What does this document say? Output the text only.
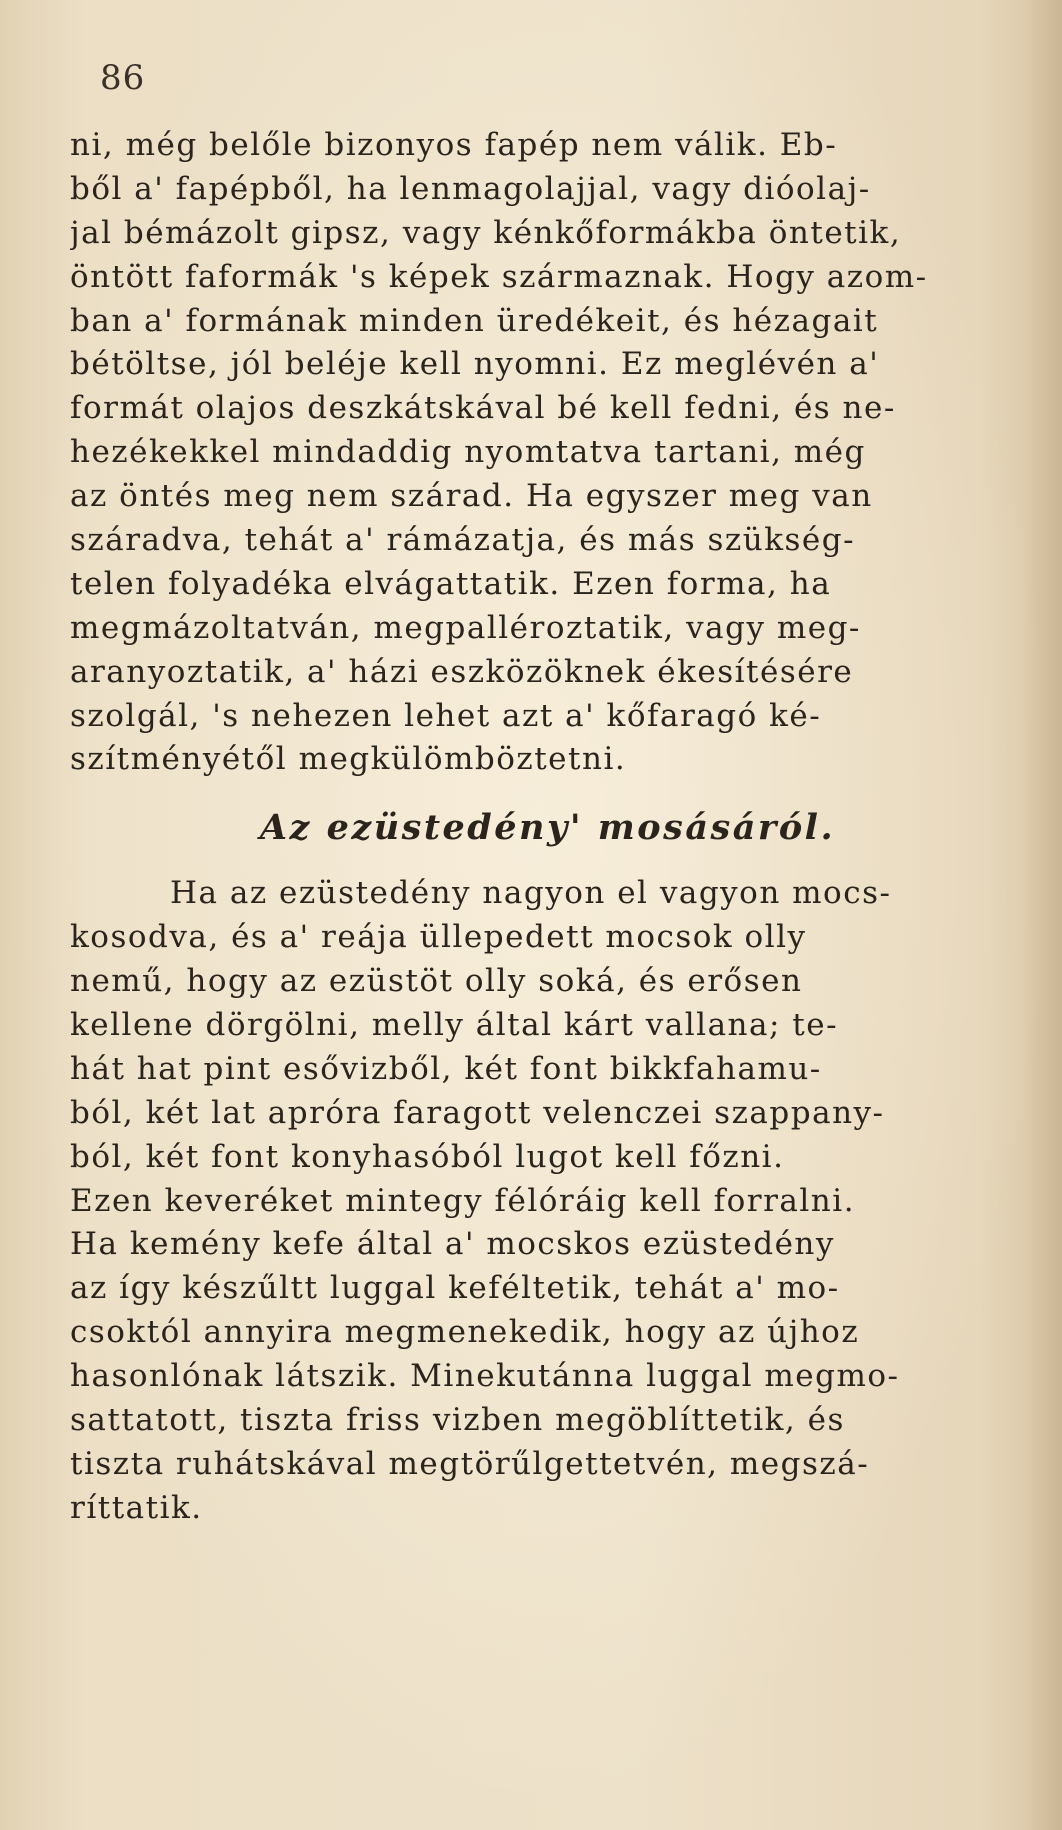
86
ni, még belőle bizonyos fapép nem válik. Eb-
ből a' fapépből, ha lenmagolajjal, vagy dióolaj-
jal bémázolt gipsz, vagy kénkőformákba öntetik,
öntött faformák 's képek származnak. Hogy azom-
ban a' formának minden üredékeit, és hézagait
bétöltse, jól beléje kell nyomni. Ez meglévén a'
formát olajos deszkátskával bé kell fedni, és ne-
hezékekkel mindaddig nyomtatva tartani, még
az öntés meg nem szárad. Ha egyszer meg van
száradva, tehát a' rámázatja, és más szükség-
telen folyadéka elvágattatik. Ezen forma, ha
megmázoltatván, megpalléroztatik, vagy meg-
aranyoztatik, a' házi eszközöknek ékesítésére
szolgál, 's nehezen lehet azt a' kőfaragó ké-
szítményétől megkülömböztetni.
Az ezüstedény' mosásáról.
Ha az ezüstedény nagyon el vagyon mocs-
kosodva, és a' reája üllepedett mocsok olly
nemű, hogy az ezüstöt olly soká, és erősen
kellene dörgölni, melly által kárt vallana; te-
hát hat pint esővizből, két font bikkfahamu-
ból, két lat apróra faragott velenczei szappany-
ból, két font konyhasóból lugot kell főzni.
Ezen keveréket mintegy félóráig kell forralni.
Ha kemény kefe által a' mocskos ezüstedény
az így készűltt luggal keféltetik, tehát a' mo-
csoktól annyira megmenekedik, hogy az újhoz
hasonlónak látszik. Minekutánna luggal megmo-
sattatott, tiszta friss vizben megöblíttetik, és
tiszta ruhátskával megtörűlgettetvén, megszá-
ríttatik.
